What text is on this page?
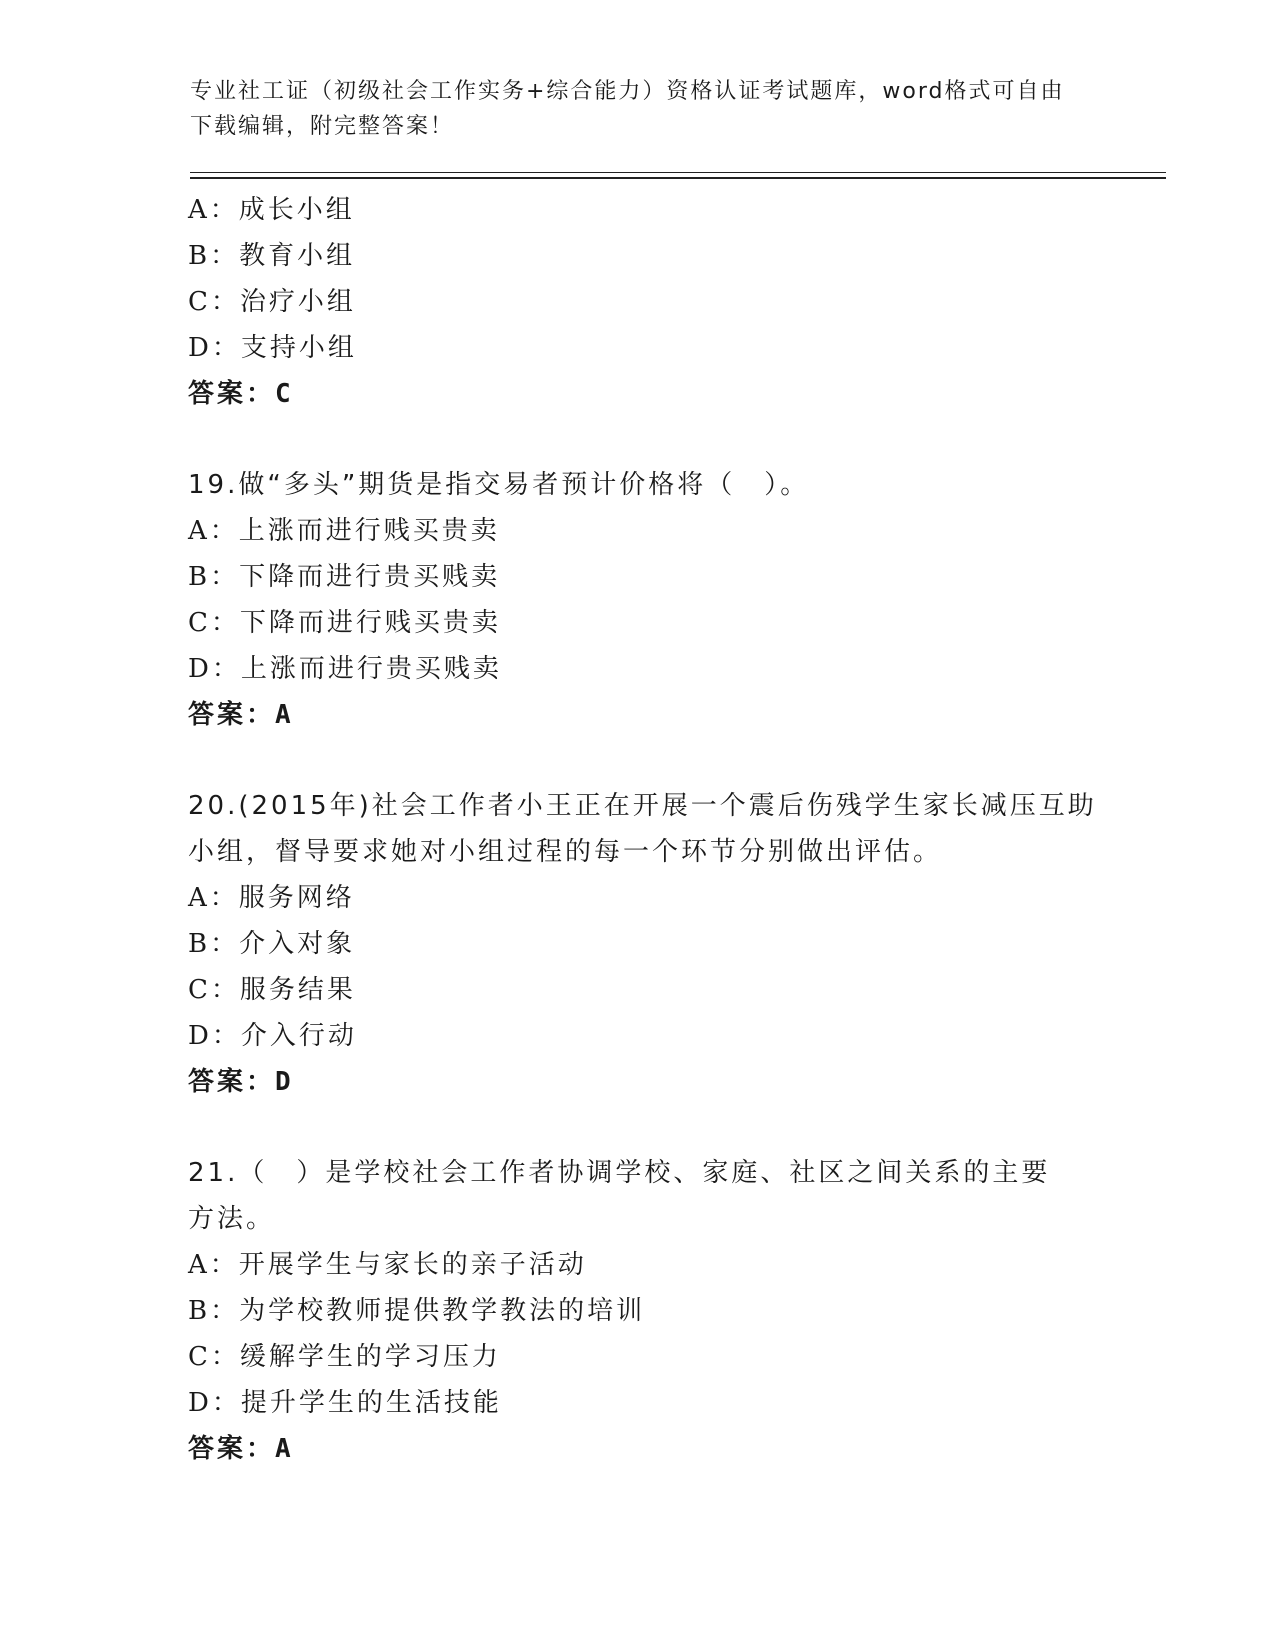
专业社工证（初级社会工作实务+综合能力）资格认证考试题库，word格式可自由
下载编辑，附完整答案！
A：成长小组
B：教育小组
C：治疗小组
D：支持小组
答案：C
19.做“多头”期货是指交易者预计价格将（　）。
A：上涨而进行贱买贵卖
B：下降而进行贵买贱卖
C：下降而进行贱买贵卖
D：上涨而进行贵买贱卖
答案：A
20.(2015年)社会工作者小王正在开展一个震后伤残学生家长减压互助
小组，督导要求她对小组过程的每一个环节分别做出评估。
A：服务网络
B：介入对象
C：服务结果
D：介入行动
答案：D
21.（　）是学校社会工作者协调学校、家庭、社区之间关系的主要
方法。
A：开展学生与家长的亲子活动
B：为学校教师提供教学教法的培训
C：缓解学生的学习压力
D：提升学生的生活技能
答案：A
